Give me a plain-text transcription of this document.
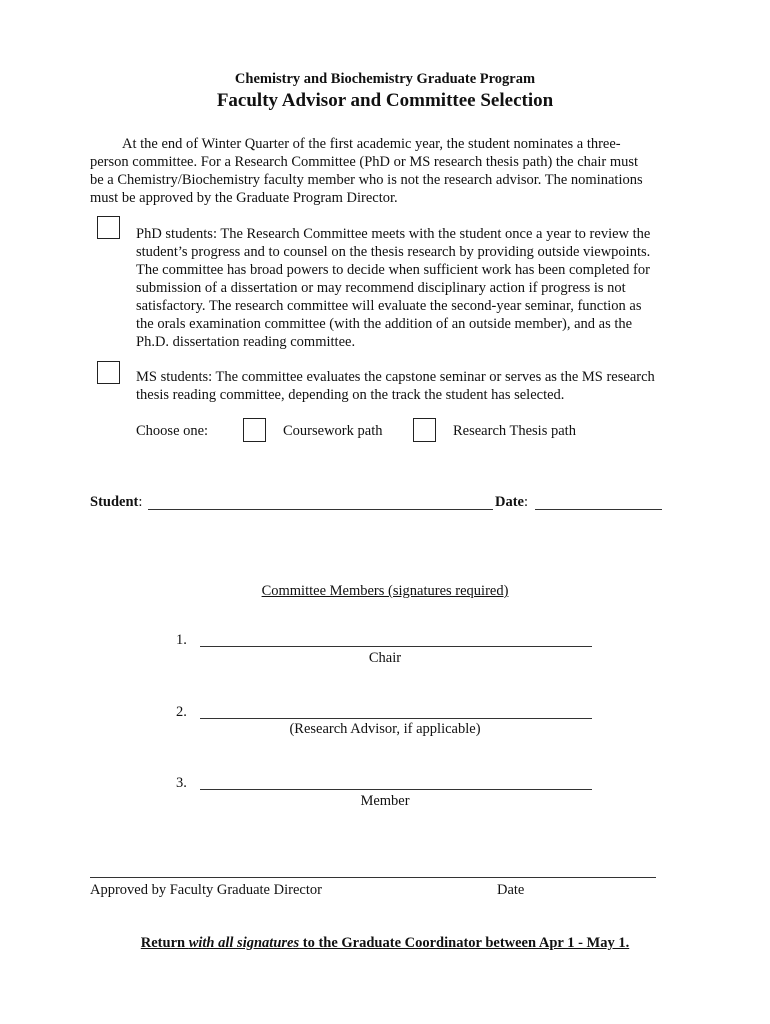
Chemistry and Biochemistry Graduate Program
Faculty Advisor and Committee Selection
At the end of Winter Quarter of the first academic year, the student nominates a three-
person committee. For a Research Committee (PhD or MS research thesis path) the chair must
be a Chemistry/Biochemistry faculty member who is not the research advisor. The nominations
must be approved by the Graduate Program Director.
PhD students: The Research Committee meets with the student once a year to review the
student’s progress and to counsel on the thesis research by providing outside viewpoints.
The committee has broad powers to decide when sufficient work has been completed for
submission of a dissertation or may recommend disciplinary action if progress is not
satisfactory. The research committee will evaluate the second-year seminar, function as
the orals examination committee (with the addition of an outside member), and as the
Ph.D. dissertation reading committee.
MS students: The committee evaluates the capstone seminar or serves as the MS research
thesis reading committee, depending on the track the student has selected.
Choose one:	Coursework path	Research Thesis path
Student:	Date:
Committee Members (signatures required)
1.
Chair
2.
(Research Advisor, if applicable)
3.
Member
Approved by Faculty Graduate Director	Date
Return with all signatures to the Graduate Coordinator between Apr 1 - May 1.
